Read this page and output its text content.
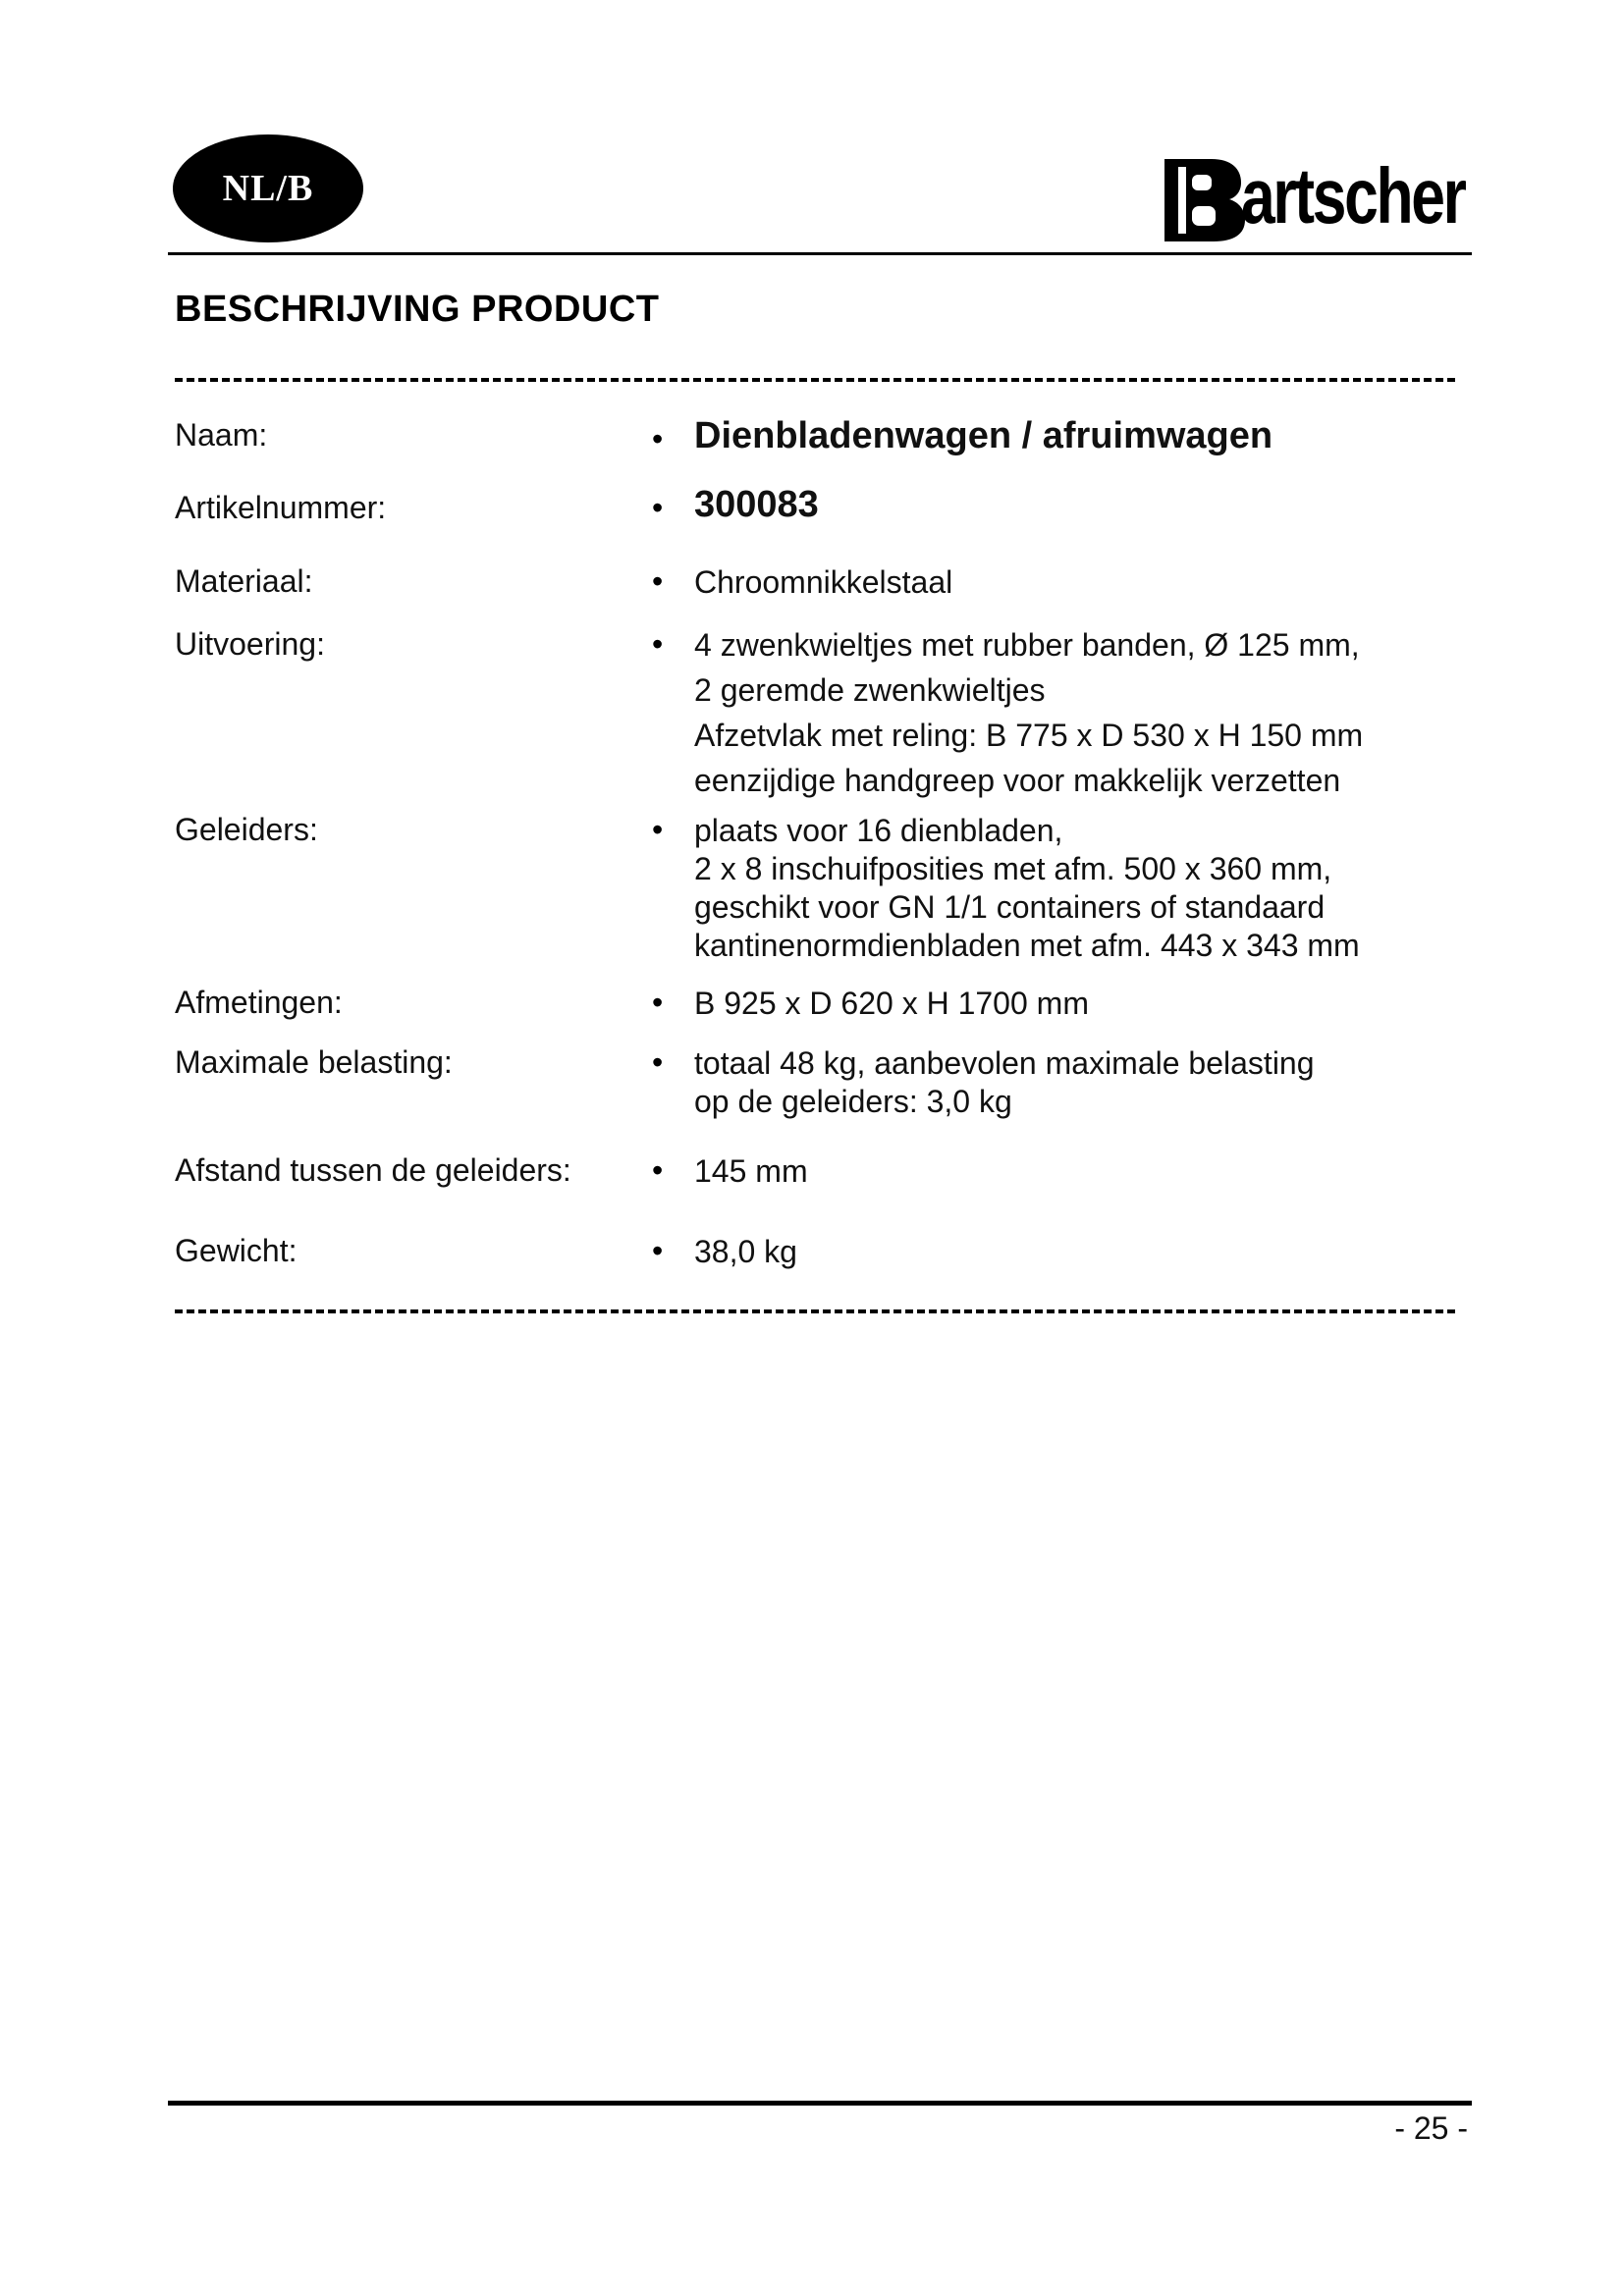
NL/B	artscher
BESCHRIJVING PRODUCT
Naam:	• Dienbladenwagen / afruimwagen
Artikelnummer:	• 300083
Materiaal:	• Chroomnikkelstaal
Uitvoering:	• 4 zwenkwieltjes met rubber banden, Ø 125 mm,
2 geremde zwenkwieltjes
Afzetvlak met reling: B 775 x D 530 x H 150 mm
eenzijdige handgreep voor makkelijk verzetten
Geleiders:	• plaats voor 16 dienbladen,
2 x 8 inschuifposities met afm. 500 x 360 mm,
geschikt voor GN 1/1 containers of standaard
kantinenormdienbladen met afm. 443 x 343 mm
Afmetingen:	• B 925 x D 620 x H 1700 mm
Maximale belasting:	• totaal 48 kg, aanbevolen maximale belasting
op de geleiders: 3,0 kg
Afstand tussen de geleiders:	• 145 mm
Gewicht:	• 38,0 kg
- 25 -
